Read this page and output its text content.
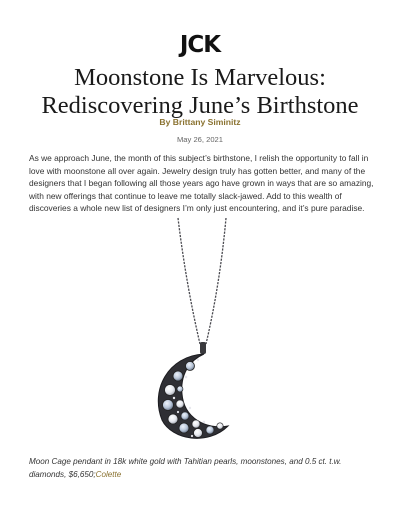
JCK
Moonstone Is Marvelous: Rediscovering June’s Birthstone
By Brittany Siminitz
May 26, 2021

As we approach June, the month of this subject’s birthstone, I relish the opportunity to fall in love with moonstone all over again. Jewelry design truly has gotten better, and many of the designers that I began following all those years ago have grown in ways that are so amazing, with new offerings that continue to leave me totally slack-jawed. Add to this wealth of discoveries a whole new list of designers I’m only just encountering, and it’s pure paradise.

Moon Cage pendant in 18k white gold with Tahitian pearls, moonstones, and 0.5 ct. t.w. diamonds, $6,650;Colette
